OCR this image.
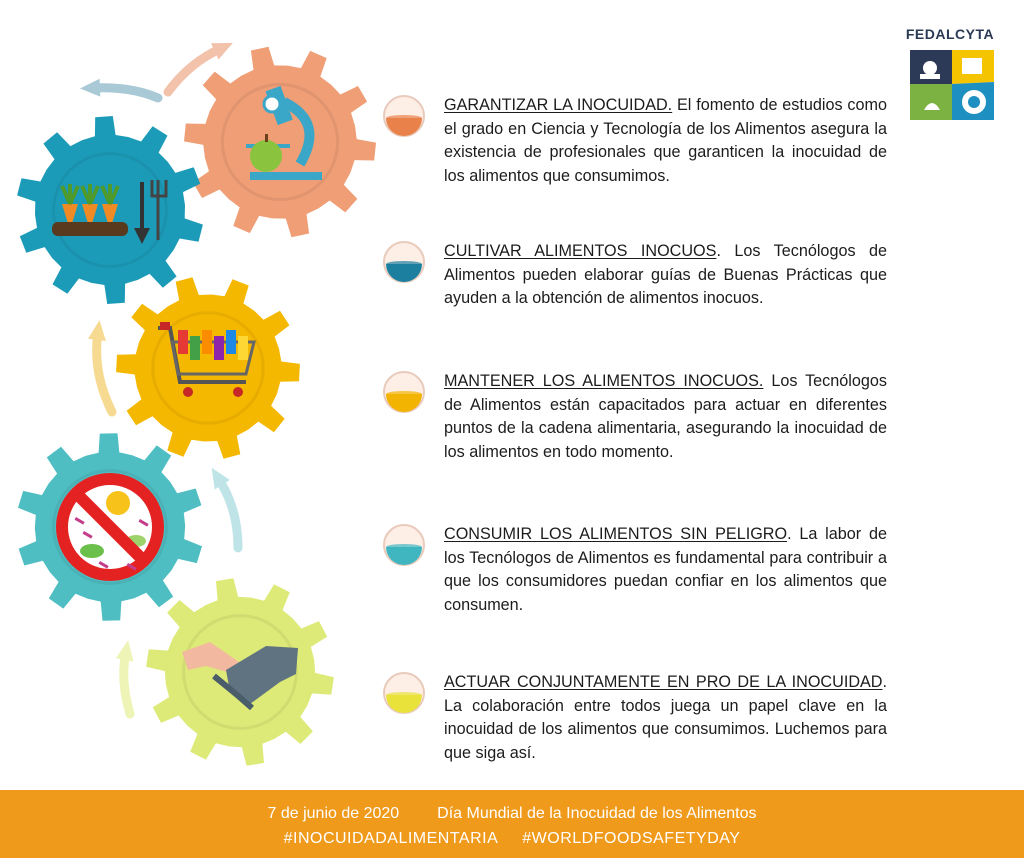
FEDALCYTA
GARANTIZAR LA INOCUIDAD. El fomento de estudios como el grado en Ciencia y Tecnología de los Alimentos asegura la existencia de profesionales que garanticen la inocuidad de los alimentos que consumimos.
CULTIVAR ALIMENTOS INOCUOS. Los Tecnólogos de Alimentos pueden elaborar guías de Buenas Prácticas que ayuden a la obtención de alimentos inocuos.
MANTENER LOS ALIMENTOS INOCUOS. Los Tecnólogos de Alimentos están capacitados para actuar en diferentes puntos de la cadena alimentaria, asegurando la inocuidad de los alimentos en todo momento.
CONSUMIR LOS ALIMENTOS SIN PELIGRO. La labor de los Tecnólogos de Alimentos es fundamental para contribuir a que los consumidores puedan confiar en los alimentos que consumen.
ACTUAR CONJUNTAMENTE EN PRO DE LA INOCUIDAD. La colaboración entre todos juega un papel clave en la inocuidad de los alimentos que consumimos. Luchemos para que siga así.
7 de junio de 2020 Día Mundial de la Inocuidad de los Alimentos
#INOCUIDADALIMENTARIA #WORLDFOODSAFETYDAY
